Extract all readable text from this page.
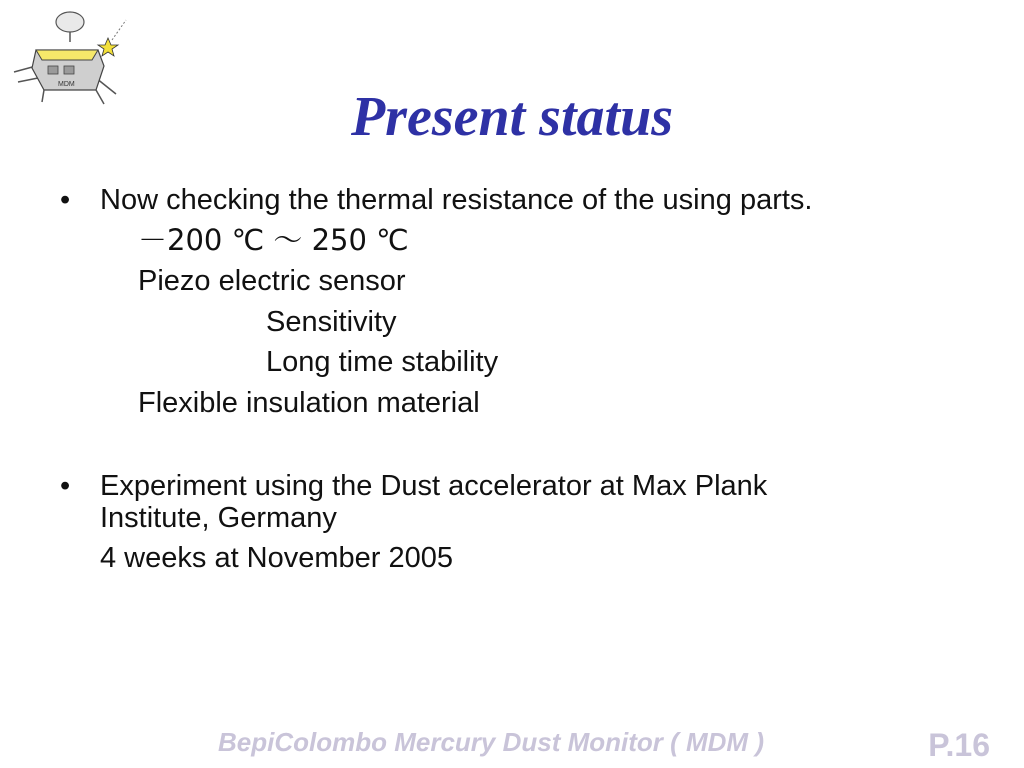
MDM
Present status
• Now checking the thermal resistance of the using parts.
－200 ℃ ～ 250 ℃
Piezo electric sensor
Sensitivity
Long time stability
Flexible insulation material
• Experiment using the Dust accelerator at Max Plank
Institute, Germany
4 weeks at November 2005
BepiColombo Mercury Dust Monitor ( MDM )	P.16
